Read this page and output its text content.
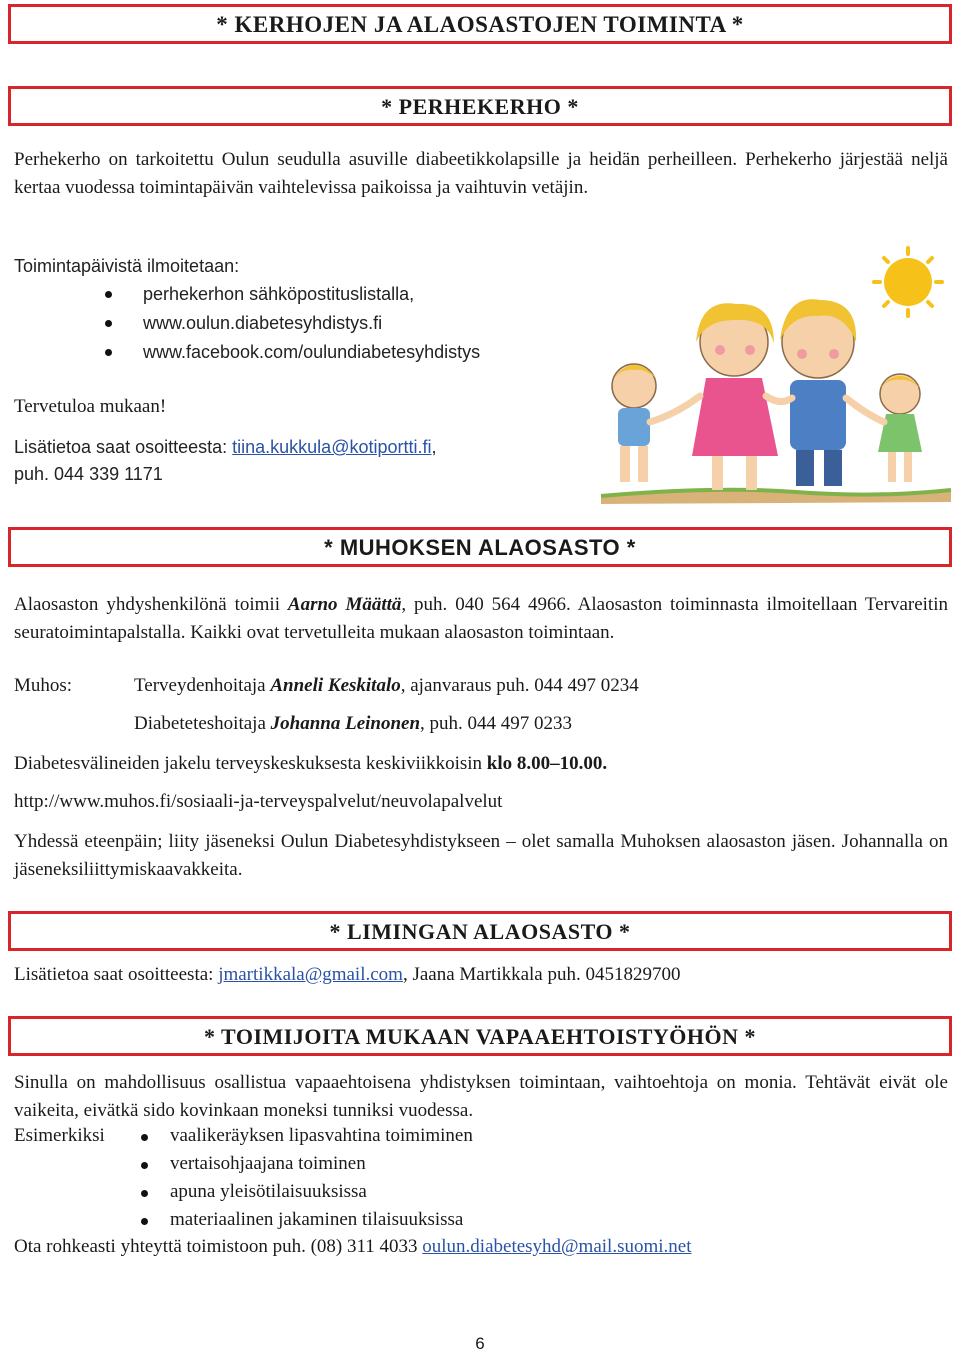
* KERHOJEN JA ALAOSASTOJEN TOIMINTA *
* PERHEKERHO *
Perhekerho on tarkoitettu Oulun seudulla asuville diabeetikkolapsille ja heidän perheilleen. Perhekerho järjestää neljä kertaa vuodessa toimintapäivän vaihtelevissa paikoissa ja vaihtuvin vetäjin.
Toimintapäivistä ilmoitetaan:
perhekerhon sähköpostituslistalla,
www.oulun.diabetesyhdistys.fi
www.facebook.com/oulundiabetesyhdistys
Tervetuloa mukaan!
Lisätietoa saat osoitteesta: tiina.kukkula@kotiportti.fi,
puh. 044 339 1171
* MUHOKSEN ALAOSASTO *
Alaosaston yhdyshenkilönä toimii Aarno Määttä, puh. 040 564 4966. Alaosaston toiminnasta ilmoitellaan Tervareitin seuratoimintapalstalla. Kaikki ovat tervetulleita mukaan alaosaston toimintaan.
Muhos:	Terveydenhoitaja Anneli Keskitalo, ajanvaraus puh. 044 497 0234
Diabeteteshoitaja Johanna Leinonen, puh. 044 497 0233
Diabetesvälineiden jakelu terveyskeskuksesta keskiviikkoisin klo 8.00–10.00.
http://www.muhos.fi/sosiaali-ja-terveyspalvelut/neuvolapalvelut
Yhdessä eteenpäin; liity jäseneksi Oulun Diabetesyhdistykseen – olet samalla Muhoksen alaosaston jäsen. Johannalla on jäseneksiliittymiskaavakkeita.
* LIMINGAN ALAOSASTO *
Lisätietoa saat osoitteesta: jmartikkala@gmail.com, Jaana Martikkala puh. 0451829700
* TOIMIJOITA MUKAAN VAPAAEHTOISTYÖHÖN *
Sinulla on mahdollisuus osallistua vapaaehtoisena yhdistyksen toimintaan, vaihtoehtoja on monia. Tehtävät eivät ole vaikeita, eivätkä sido kovinkaan moneksi tunniksi vuodessa.
Esimerkiksi	vaalikeräyksen lipasvahtina toimiminen
vertaisohjaajana toiminen
apuna yleisötilaisuuksissa
materiaalinen jakaminen tilaisuuksissa
Ota rohkeasti yhteyttä toimistoon puh. (08) 311 4033 oulun.diabetesyhd@mail.suomi.net
6
